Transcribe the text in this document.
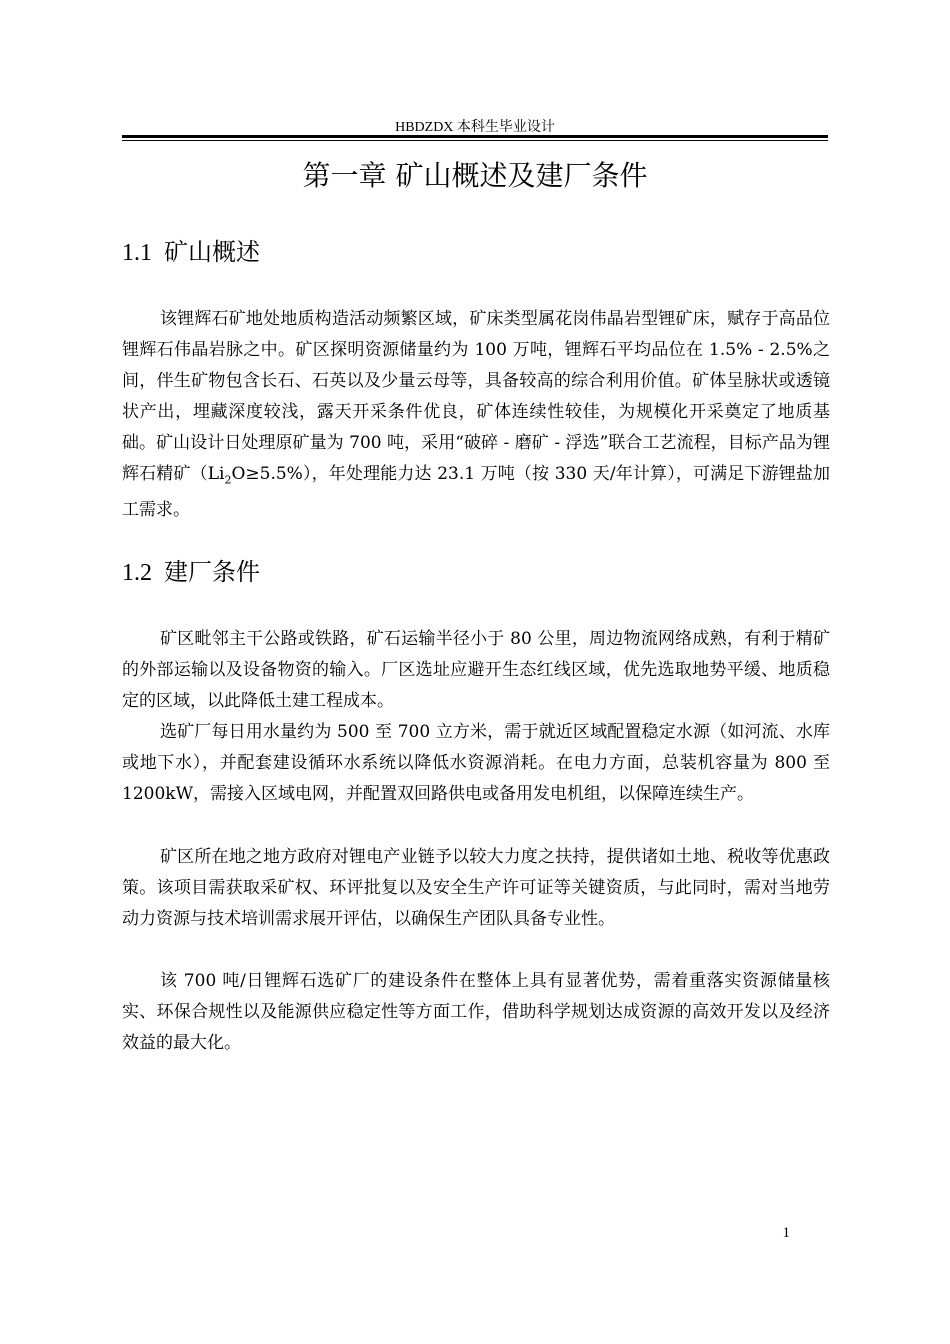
HBDZDX 本科生毕业设计
第一章 矿山概述及建厂条件
1.1 矿山概述

该锂辉石矿地处地质构造活动频繁区域，矿床类型属花岗伟晶岩型锂矿床，赋存于高品位锂辉石伟晶岩脉之中。矿区探明资源储量约为 100 万吨，锂辉石平均品位在 1.5% - 2.5%之间，伴生矿物包含长石、石英以及少量云母等，具备较高的综合利用价值。矿体呈脉状或透镜状产出，埋藏深度较浅，露天开采条件优良，矿体连续性较佳，为规模化开采奠定了地质基础。矿山设计日处理原矿量为 700 吨，采用“破碎 - 磨矿 - 浮选”联合工艺流程，目标产品为锂辉石精矿$(Li_2O\ge 5.5\%)$，年处理能力达 23.1 万吨（按 330 天/年计算），可满足下游锂盐加工需求。

1.2 建厂条件

矿区毗邻主干公路或铁路，矿石运输半径小于 80 公里，周边物流网络成熟，有利于精矿的外部运输以及设备物资的输入。厂区选址应避开生态红线区域，优先选取地势平缓、地质稳定的区域，以此降低土建工程成本。

选矿厂每日用水量约为 500 至 700 立方米，需于就近区域配置稳定水源（如河流、水库或地下水），并配套建设循环水系统以降低水资源消耗。在电力方面，总装机容量为 800 至 1200kW，需接入区域电网，并配置双回路供电或备用发电机组，以保障连续生产。

矿区所在地之地方政府对锂电产业链予以较大力度之扶持，提供诸如土地、税收等优惠政策。该项目需获取采矿权、环评批复以及安全生产许可证等关键资质，与此同时，需对当地劳动力资源与技术培训需求展开评估，以确保生产团队具备专业性。

该 700 吨/日锂辉石选矿厂的建设条件在整体上具有显著优势，需着重落实资源储量核实、环保合规性以及能源供应稳定性等方面工作，借助科学规划达成资源的高效开发以及经济效益的最大化。

1
